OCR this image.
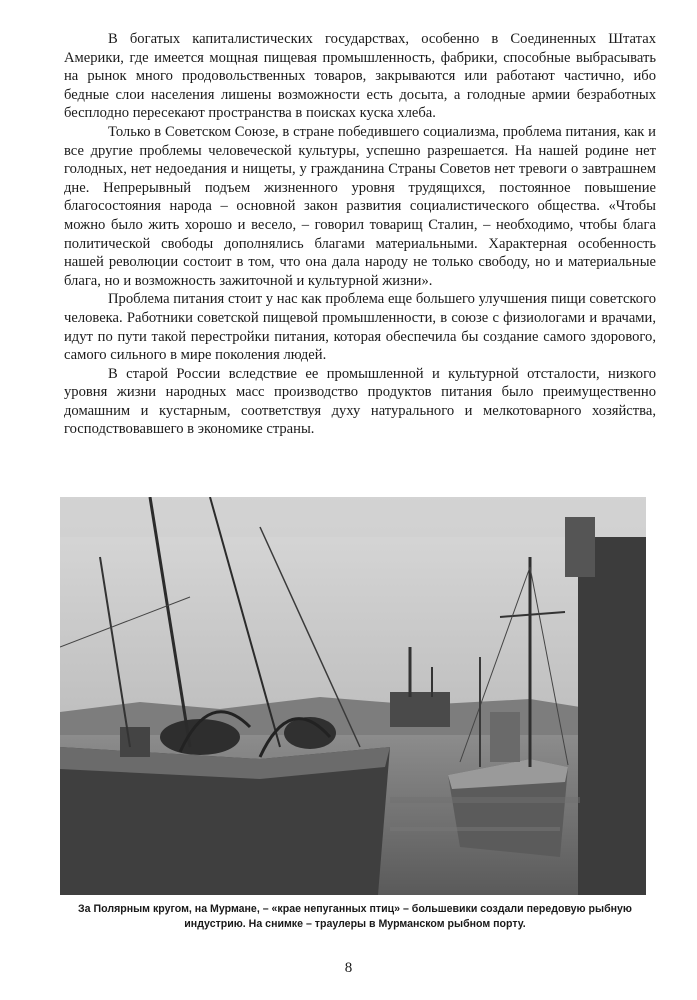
В богатых капиталистических государствах, особенно в Соединенных Штатах Америки, где имеется мощная пищевая промышленность, фабрики, способные выбрасывать на рынок много продовольственных товаров, закрываются или работают частично, ибо бедные слои населения лишены возможности есть досыта, а голодные армии безработных бесплодно пересекают пространства в поисках куска хлеба.

Только в Советском Союзе, в стране победившего социализма, проблема питания, как и все другие проблемы человеческой культуры, успешно разрешается. На нашей родине нет голодных, нет недоедания и нищеты, у гражданина Страны Советов нет тревоги о завтрашнем дне. Непрерывный подъем жизненного уровня трудящихся, постоянное повышение благосостояния народа – основной закон развития социалистического общества. «Чтобы можно было жить хорошо и весело, – говорил товарищ Сталин, – необходимо, чтобы блага политической свободы дополнялись благами материальными. Характерная особенность нашей революции состоит в том, что она дала народу не только свободу, но и материальные блага, но и возможность зажиточной и культурной жизни».

Проблема питания стоит у нас как проблема еще большего улучшения пищи советского человека. Работники советской пищевой промышленности, в союзе с физиологами и врачами, идут по пути такой перестройки питания, которая обеспечила бы создание самого здорового, самого сильного в мире поколения людей.

В старой России вследствие ее промышленной и культурной отсталости, низкого уровня жизни народных масс производство продуктов питания было преимущественно домашним и кустарным, соответствуя духу натурального и мелкотоварного хозяйства, господствовавшего в экономике страны.

За Полярным кругом, на Мурмане, – «крае непуганных птиц» – большевики создали передовую рыбную индустрию. На снимке – траулеры в Мурманском рыбном порту.
8
